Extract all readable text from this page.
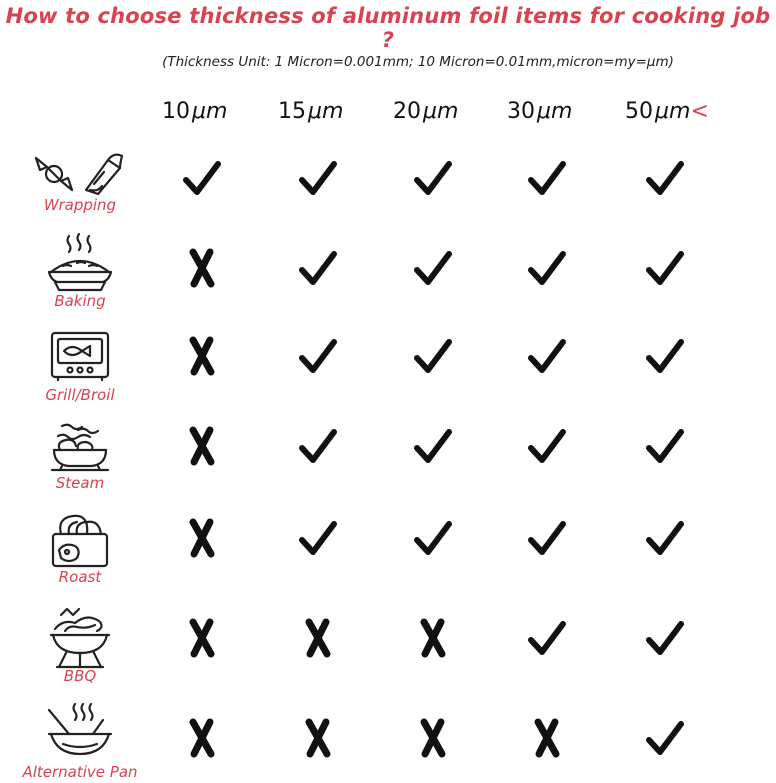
How to choose thickness of aluminum foil items for cooking job ?
(Thickness Unit: 1 Micron=0.001mm; 10 Micron=0.01mm,micron=my=μm)
10μm 15μm 20μm 30μm 50μm<
Wrapping
Baking
Grill/Broil
Steam
Roast
BBQ
Alternative Pan
